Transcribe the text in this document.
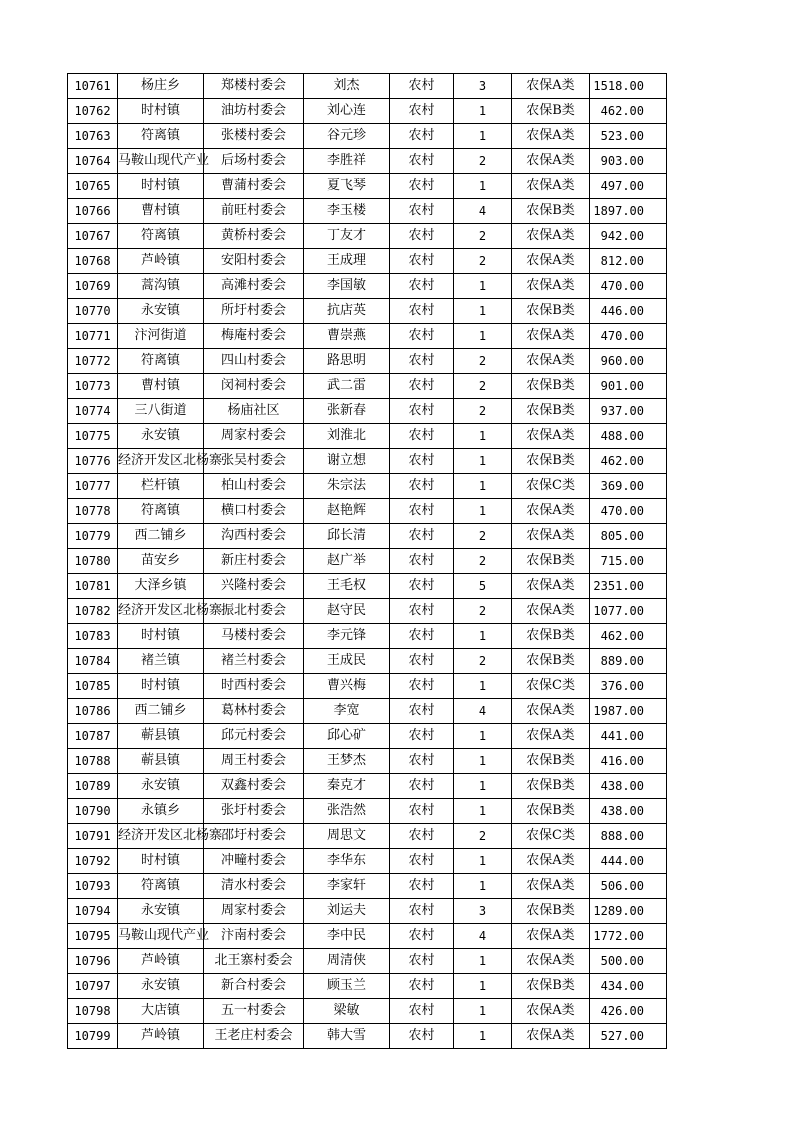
10761	杨庄乡	郑楼村委会	刘杰	农村	3	农保A类	1518.00
10762	时村镇	油坊村委会	刘心连	农村	1	农保B类	462.00
10763	符离镇	张楼村委会	谷元珍	农村	1	农保A类	523.00
10764	马鞍山现代产业	后场村委会	李胜祥	农村	2	农保A类	903.00
10765	时村镇	曹蒲村委会	夏飞琴	农村	1	农保A类	497.00
10766	曹村镇	前旺村委会	李玉楼	农村	4	农保B类	1897.00
10767	符离镇	黄桥村委会	丁友才	农村	2	农保A类	942.00
10768	芦岭镇	安阳村委会	王成理	农村	2	农保A类	812.00
10769	蒿沟镇	高滩村委会	李国敏	农村	1	农保A类	470.00
10770	永安镇	所圩村委会	抗店英	农村	1	农保B类	446.00
10771	汴河街道	梅庵村委会	曹崇燕	农村	1	农保A类	470.00
10772	符离镇	四山村委会	路思明	农村	2	农保A类	960.00
10773	曹村镇	闵祠村委会	武二雷	农村	2	农保B类	901.00
10774	三八街道	杨庙社区	张新春	农村	2	农保B类	937.00
10775	永安镇	周家村委会	刘淮北	农村	1	农保A类	488.00
10776	经济开发区北杨寨	张吴村委会	谢立想	农村	1	农保B类	462.00
10777	栏杆镇	柏山村委会	朱宗法	农村	1	农保C类	369.00
10778	符离镇	横口村委会	赵艳辉	农村	1	农保A类	470.00
10779	西二铺乡	沟西村委会	邱长清	农村	2	农保A类	805.00
10780	苗安乡	新庄村委会	赵广举	农村	2	农保B类	715.00
10781	大泽乡镇	兴隆村委会	王毛权	农村	5	农保A类	2351.00
10782	经济开发区北杨寨	振北村委会	赵守民	农村	2	农保A类	1077.00
10783	时村镇	马楼村委会	李元锋	农村	1	农保B类	462.00
10784	褚兰镇	褚兰村委会	王成民	农村	2	农保B类	889.00
10785	时村镇	时西村委会	曹兴梅	农村	1	农保C类	376.00
10786	西二铺乡	葛林村委会	李宽	农村	4	农保A类	1987.00
10787	蕲县镇	邱元村委会	邱心矿	农村	1	农保A类	441.00
10788	蕲县镇	周王村委会	王梦杰	农村	1	农保B类	416.00
10789	永安镇	双鑫村委会	秦克才	农村	1	农保B类	438.00
10790	永镇乡	张圩村委会	张浩然	农村	1	农保B类	438.00
10791	经济开发区北杨寨	邵圩村委会	周思文	农村	2	农保C类	888.00
10792	时村镇	冲疃村委会	李华东	农村	1	农保A类	444.00
10793	符离镇	清水村委会	李家轩	农村	1	农保A类	506.00
10794	永安镇	周家村委会	刘运夫	农村	3	农保B类	1289.00
10795	马鞍山现代产业	汴南村委会	李中民	农村	4	农保A类	1772.00
10796	芦岭镇	北王寨村委会	周清侠	农村	1	农保A类	500.00
10797	永安镇	新合村委会	顾玉兰	农村	1	农保B类	434.00
10798	大店镇	五一村委会	梁敏	农村	1	农保A类	426.00
10799	芦岭镇	王老庄村委会	韩大雪	农村	1	农保A类	527.00
